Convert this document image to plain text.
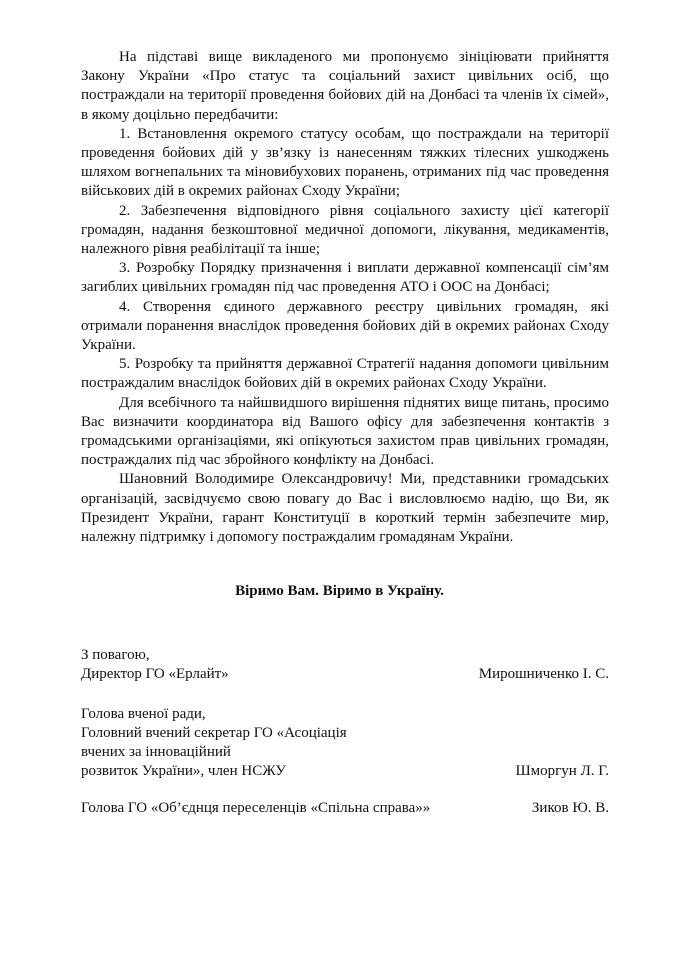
На підставі вище викладеного ми пропонуємо зініціювати прийняття Закону України «Про статус та соціальний захист цивільних осіб, що постраждали на території проведення бойових дій на Донбасі та членів їх сімей», в якому доцільно передбачити:

1. Встановлення окремого статусу особам, що постраждали на території проведення бойових дій у зв’язку із нанесенням тяжких тілесних ушкоджень шляхом вогнепальних та міновибухових поранень, отриманих під час проведення військових дій в окремих районах Сходу України;

2. Забезпечення відповідного рівня соціального захисту цієї категорії громадян, надання безкоштовної медичної допомоги, лікування, медикаментів, належного рівня реабілітації та інше;

3. Розробку Порядку призначення і виплати державної компенсації сім’ям загиблих цивільних громадян під час проведення АТО і ООС на Донбасі;

4. Створення єдиного державного реєстру цивільних громадян, які отримали поранення внаслідок проведення бойових дій в окремих районах Сходу України.

5. Розробку та прийняття державної Стратегії надання допомоги цивільним постраждалим внаслідок бойових дій в окремих районах Сходу України.

Для всебічного та найшвидшого вирішення піднятих вище питань, просимо Вас визначити координатора від Вашого офісу для забезпечення контактів з громадськими організаціями, які опікуються захистом прав цивільних громадян, постраждалих під час збройного конфлікту на Донбасі.

Шановний Володимире Олександровичу! Ми, представники громадських організацій, засвідчуємо свою повагу до Вас і висловлюємо надію, що Ви, як Президент України, гарант Конституції в короткий термін забезпечите мир, належну підтримку і допомогу постраждалим громадянам України.

Віримо Вам. Віримо в Україну.
З повагою,
Директор ГО «Ерлайт»	Мирошниченко І. С.
Голова вченої ради,
Головний вчений секретар ГО «Асоціація
вчених за інноваційний
розвиток України», член НСЖУ	Шморгун Л. Г.
Голова ГО «Об’єднця переселенців «Спільна справа»»	Зиков Ю. В.
